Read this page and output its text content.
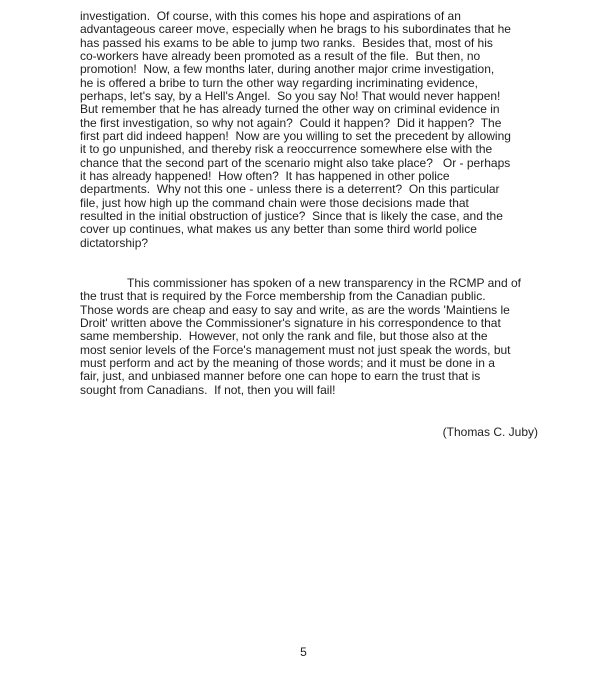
investigation.  Of course, with this comes his hope and aspirations of an
advantageous career move, especially when he brags to his subordinates that he
has passed his exams to be able to jump two ranks.  Besides that, most of his
co-workers have already been promoted as a result of the file.  But then, no
promotion!  Now, a few months later, during another major crime investigation,
he is offered a bribe to turn the other way regarding incriminating evidence,
perhaps, let's say, by a Hell's Angel.  So you say No! That would never happen!
But remember that he has already turned the other way on criminal evidence in
the first investigation, so why not again?  Could it happen?  Did it happen?  The
first part did indeed happen!  Now are you willing to set the precedent by allowing
it to go unpunished, and thereby risk a reoccurrence somewhere else with the
chance that the second part of the scenario might also take place?   Or - perhaps
it has already happened!  How often?  It has happened in other police
departments.  Why not this one - unless there is a deterrent?  On this particular
file, just how high up the command chain were those decisions made that
resulted in the initial obstruction of justice?  Since that is likely the case, and the
cover up continues, what makes us any better than some third world police
dictatorship?
This commissioner has spoken of a new transparency in the RCMP and of
the trust that is required by the Force membership from the Canadian public.
Those words are cheap and easy to say and write, as are the words 'Maintiens le
Droit' written above the Commissioner's signature in his correspondence to that
same membership.  However, not only the rank and file, but those also at the
most senior levels of the Force's management must not just speak the words, but
must perform and act by the meaning of those words; and it must be done in a
fair, just, and unbiased manner before one can hope to earn the trust that is
sought from Canadians.  If not, then you will fail!
(Thomas C. Juby)
5
